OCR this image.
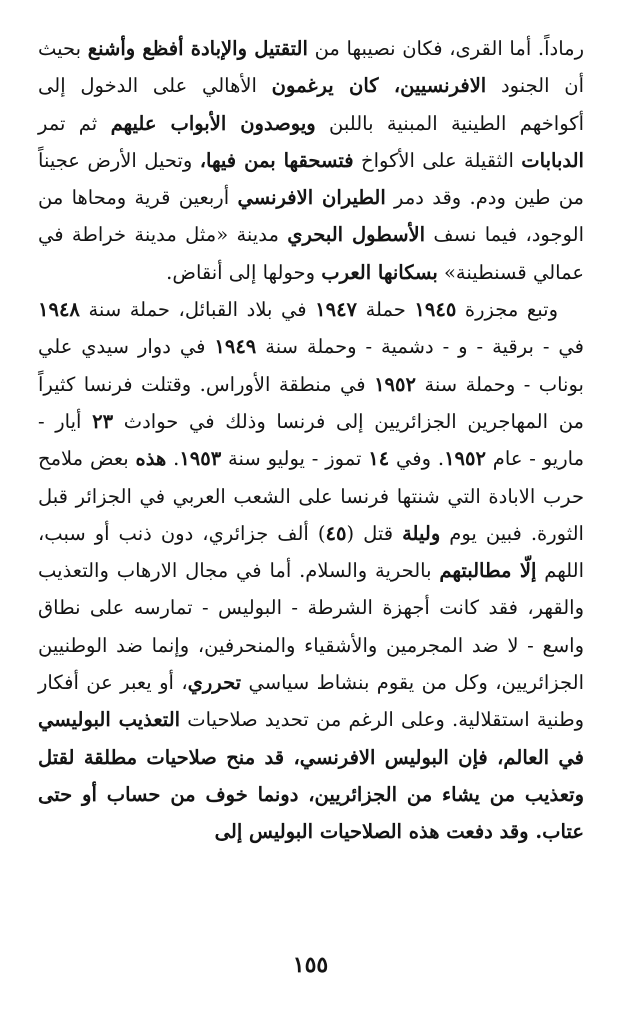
رماداً. أما القرى، فكان نصيبها من التقتيل والإبادة أفظع وأشنع بحيث أن الجنود الافرنسيين، كان يرغمون الأهالي على الدخول إلى أكواخهم الطينية المبنية باللبن ويوصدون الأبواب عليهم ثم تمر الدبابات الثقيلة على الأكواخ فتسحقها بمن فيها، وتحيل الأرض عجيناً من طين ودم. وقد دمر الطيران الافرنسي أربعين قرية ومحاها من الوجود، فيما نسف الأسطول البحري مدينة «مثل مدينة خراطة في عمالي قسنطينة» بسكانها العرب وحولها إلى أنقاض.

وتبع مجزرة ١٩٤٥ حملة ١٩٤٧ في بلاد القبائل، حملة سنة ١٩٤٨ في - برقية - و - دشمية - وحملة سنة ١٩٤٩ في دوار سيدي علي بوناب - وحملة سنة ١٩٥٢ في منطقة الأوراس. وقتلت فرنسا كثيراً من المهاجرين الجزائريين إلى فرنسا وذلك في حوادث ٢٣ أيار - ماريو - عام ١٩٥٢. وفي ١٤ تموز - يوليو سنة ١٩٥٣. هذه بعض ملامح حرب الابادة التي شنتها فرنسا على الشعب العربي في الجزائر قبل الثورة. فبين يوم وليلة قتل (٤٥) ألف جزائري، دون ذنب أو سبب، اللهم إلّا مطالبتهم بالحرية والسلام. أما في مجال الارهاب والتعذيب والقهر، فقد كانت أجهزة الشرطة - البوليس - تمارسه على نطاق واسع - لا ضد المجرمين والأشقياء والمنحرفين، وإنما ضد الوطنيين الجزائريين، وكل من يقوم بنشاط سياسي تحرري، أو يعبر عن أفكار وطنية استقلالية. وعلى الرغم من تحديد صلاحيات التعذيب البوليسي في العالم، فإن البوليس الافرنسي، قد منح صلاحيات مطلقة لقتل وتعذيب من يشاء من الجزائريين، دونما خوف من حساب أو حتى عتاب. وقد دفعت هذه الصلاحيات البوليس إلى

١٥٥
